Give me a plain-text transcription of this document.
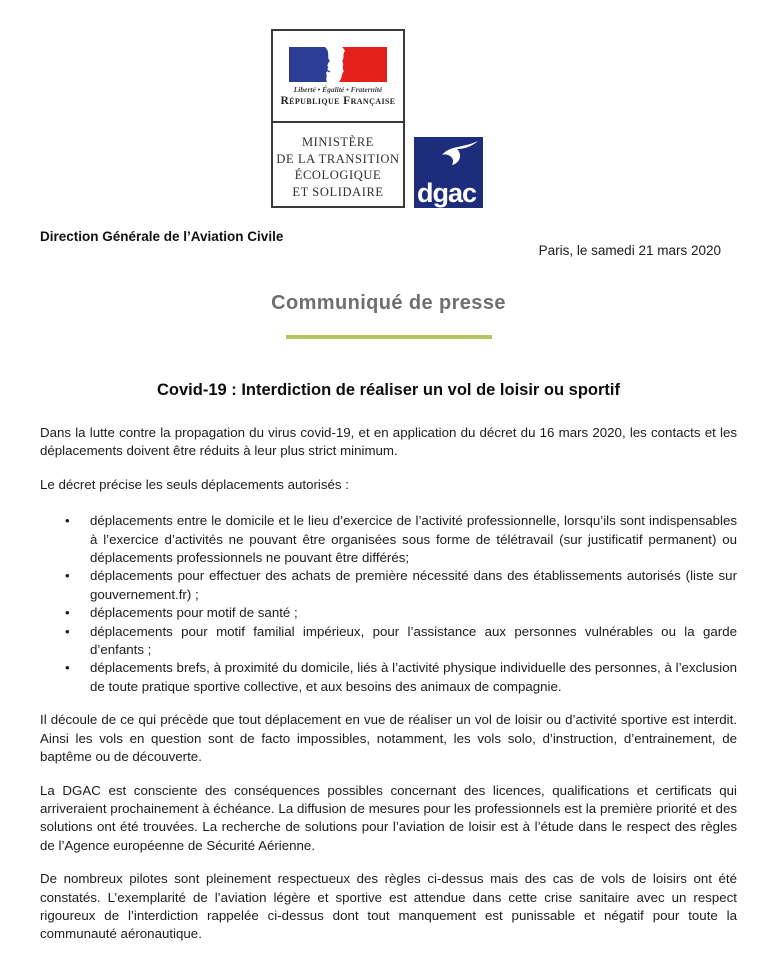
Liberté • Égalité • Fraternité
République Française
MINISTÈRE
DE LA TRANSITION
ÉCOLOGIQUE
ET SOLIDAIRE	dgac
Direction Générale de l’Aviation Civile
Paris, le samedi 21 mars 2020
Communiqué de presse
Covid-19 : Interdiction de réaliser un vol de loisir ou sportif

Dans la lutte contre la propagation du virus covid-19, et en application du décret du 16 mars 2020, les contacts et les déplacements doivent être réduits à leur plus strict minimum.

Le décret précise les seuls déplacements autorisés :

• déplacements entre le domicile et le lieu d’exercice de l’activité professionnelle, lorsqu’ils sont indispensables à l’exercice d’activités ne pouvant être organisées sous forme de télétravail (sur justificatif permanent) ou déplacements professionnels ne pouvant être différés;
• déplacements pour effectuer des achats de première nécessité dans des établissements autorisés (liste sur gouvernement.fr) ;
• déplacements pour motif de santé ;
• déplacements pour motif familial impérieux, pour l’assistance aux personnes vulnérables ou la garde d’enfants ;
• déplacements brefs, à proximité du domicile, liés à l’activité physique individuelle des personnes, à l’exclusion de toute pratique sportive collective, et aux besoins des animaux de compagnie.

Il découle de ce qui précède que tout déplacement en vue de réaliser un vol de loisir ou d’activité sportive est interdit. Ainsi les vols en question sont de facto impossibles, notamment, les vols solo, d’instruction, d’entrainement, de baptême ou de découverte.

La DGAC est consciente des conséquences possibles concernant des licences, qualifications et certificats qui arriveraient prochainement à échéance. La diffusion de mesures pour les professionnels est la première priorité et des solutions ont été trouvées. La recherche de solutions pour l’aviation de loisir est à l’étude dans le respect des règles de l’Agence européenne de Sécurité Aérienne.

De nombreux pilotes sont pleinement respectueux des règles ci-dessus mais des cas de vols de loisirs ont été constatés. L’exemplarité de l’aviation légère et sportive est attendue dans cette crise sanitaire avec un respect rigoureux de l’interdiction rappelée ci-dessus dont tout manquement est punissable et négatif pour toute la communauté aéronautique.
